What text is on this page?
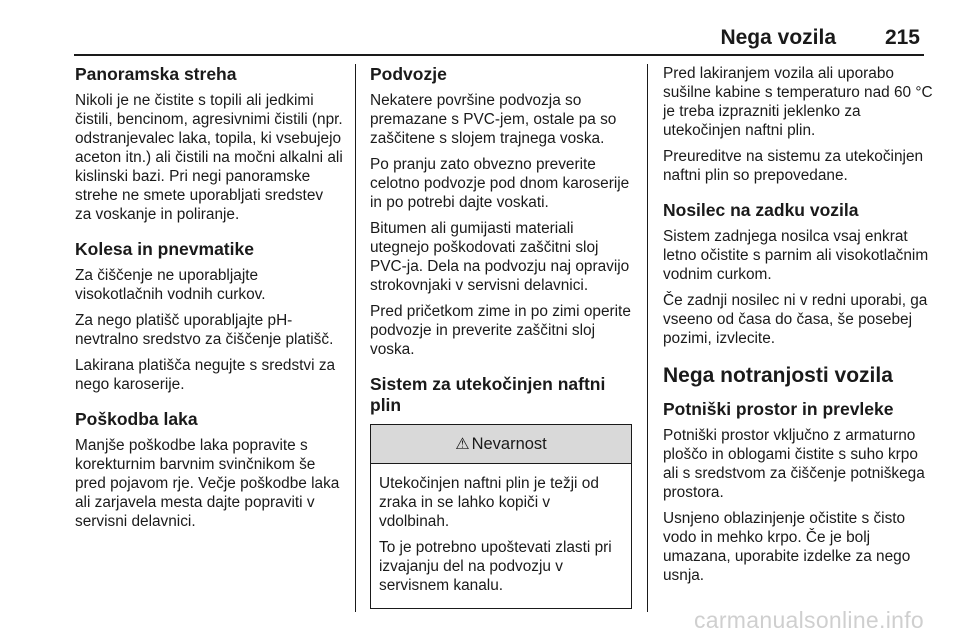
Nega vozila 215
Panoramska streha

Nikoli je ne čistite s topili ali jedkimi čistili, bencinom, agresivnimi čistili (npr. odstranjevalec laka, topila, ki vsebujejo aceton itn.) ali čistili na močni alkalni ali kislinski bazi. Pri negi panoramske strehe ne smete uporabljati sredstev za voskanje in poliranje.

Kolesa in pnevmatike

Za čiščenje ne uporabljajte visokotlačnih vodnih curkov.

Za nego platišč uporabljajte pH-nevtralno sredstvo za čiščenje platišč.

Lakirana platišča negujte s sredstvi za nego karoserije.

Poškodba laka

Manjše poškodbe laka popravite s korekturnim barvnim svinčnikom še pred pojavom rje. Večje poškodbe laka ali zarjavela mesta dajte popraviti v servisni delavnici.

Podvozje

Nekatere površine podvozja so premazane s PVC-jem, ostale pa so zaščitene s slojem trajnega voska.

Po pranju zato obvezno preverite celotno podvozje pod dnom karoserije in po potrebi dajte voskati.

Bitumen ali gumijasti materiali utegnejo poškodovati zaščitni sloj PVC-ja. Dela na podvozju naj opravijo strokovnjaki v servisni delavnici.

Pred pričetkom zime in po zimi operite podvozje in preverite zaščitni sloj voska.

Sistem za utekočinjen naftni plin
⚠ Nevarnost

Utekočinjen naftni plin je težji od zraka in se lahko kopiči v vdolbinah.

To je potrebno upoštevati zlasti pri izvajanju del na podvozju v servisnem kanalu.

Pred lakiranjem vozila ali uporabo sušilne kabine s temperaturo nad 60 °C je treba izprazniti jeklenko za utekočinjen naftni plin.

Preureditve na sistemu za utekočinjen naftni plin so prepovedane.

Nosilec na zadku vozila

Sistem zadnjega nosilca vsaj enkrat letno očistite s parnim ali visokotlačnim vodnim curkom.

Če zadnji nosilec ni v redni uporabi, ga vseeno od časa do časa, še posebej pozimi, izvlecite.

Nega notranjosti vozila
Potniški prostor in prevleke

Potniški prostor vključno z armaturno ploščo in oblogami čistite s suho krpo ali s sredstvom za čiščenje potniškega prostora.

Usnjeno oblazinjenje očistite s čisto vodo in mehko krpo. Če je bolj umazana, uporabite izdelke za nego usnja.

carmanualsonline.info
